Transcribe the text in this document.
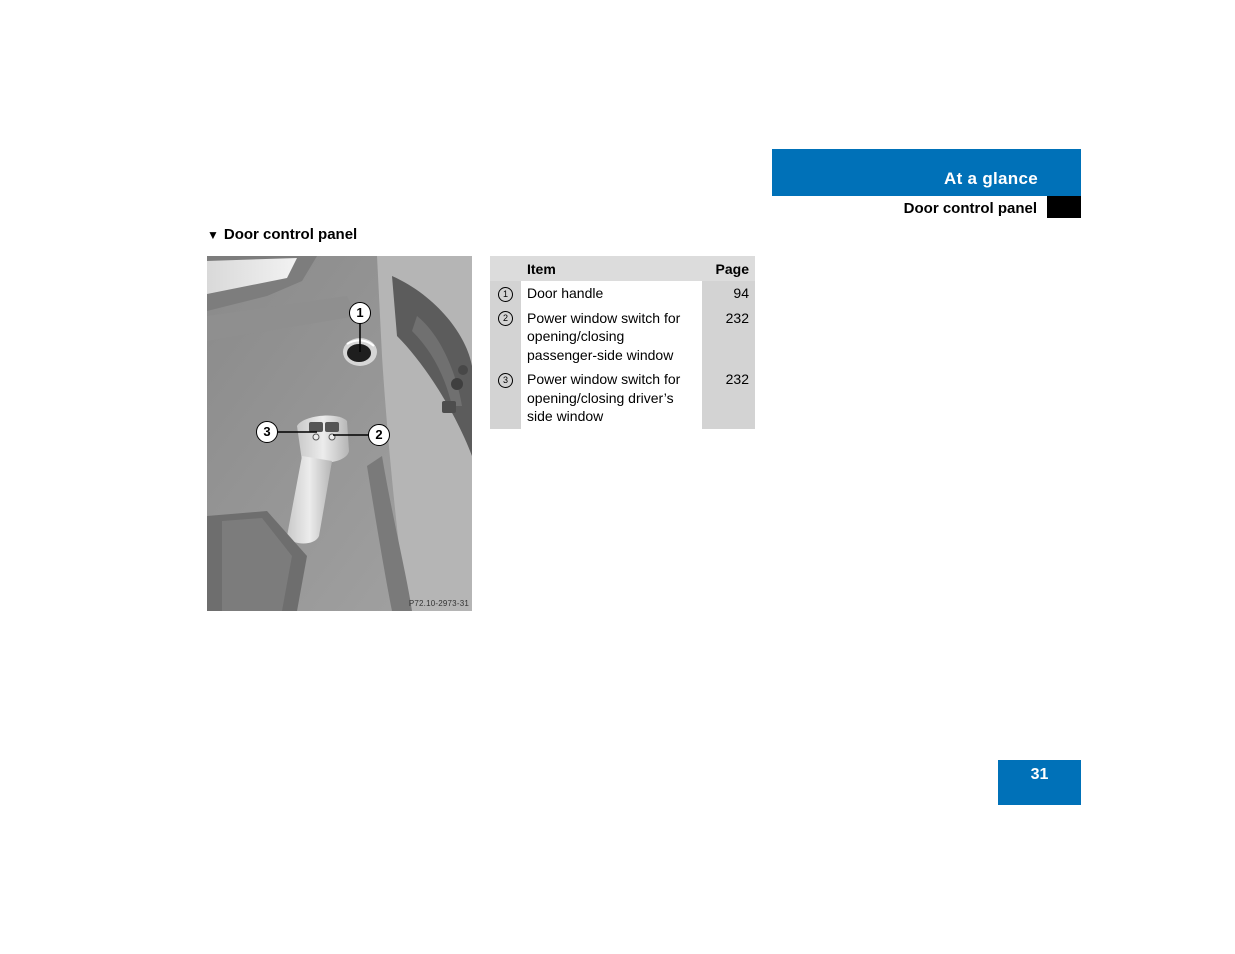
At a glance
Door control panel
▼ Door control panel
1
2
3
P72.10-2973-31
	Item	Page
1	Door handle	94
2	Power window switch for opening/closing passenger-side window	232
3	Power window switch for opening/closing driver’s side window	232
31
